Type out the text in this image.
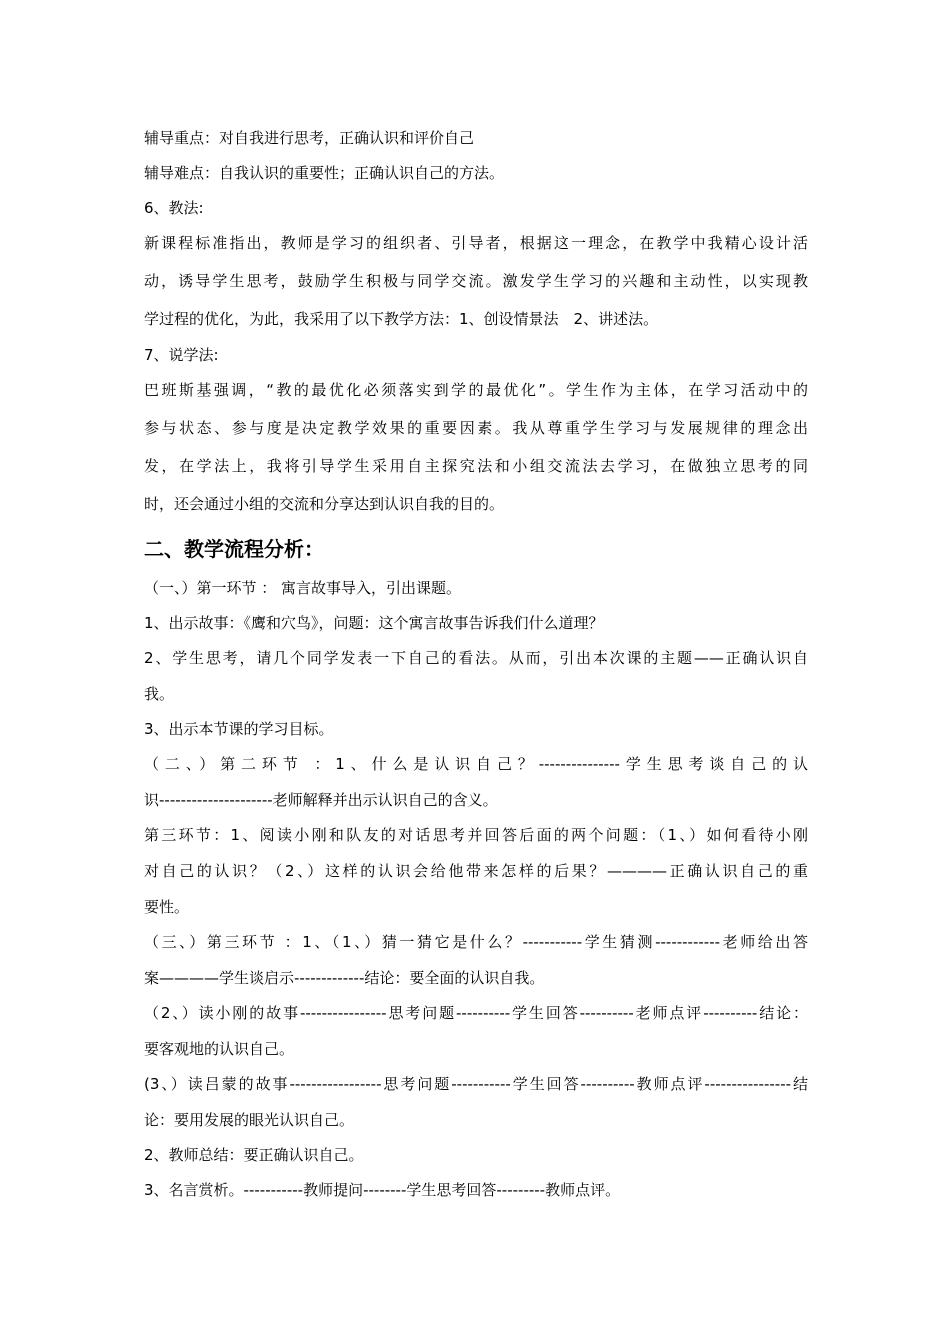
辅导重点：对自我进行思考，正确认识和评价自己
辅导难点：自我认识的重要性；正确认识自己的方法。
6、教法:
新课程标准指出，教师是学习的组织者、引导者，根据这一理念，在教学中我精心设计活
动，诱导学生思考，鼓励学生积极与同学交流。激发学生学习的兴趣和主动性，以实现教
学过程的优化，为此，我采用了以下教学方法：1、创设情景法　2、讲述法。
7、说学法:
巴班斯基强调，“教的最优化必须落实到学的最优化”。学生作为主体，在学习活动中的
参与状态、参与度是决定教学效果的重要因素。我从尊重学生学习与发展规律的理念出
发，在学法上，我将引导学生采用自主探究法和小组交流法去学习，在做独立思考的同
时，还会通过小组的交流和分享达到认识自我的目的。
二、教学流程分析：
（一、）第一环节 ： 寓言故事导入，引出课题。
1、出示故事：《鹰和穴鸟》，问题：这个寓言故事告诉我们什么道理？
2、学生思考，请几个同学发表一下自己的看法。从而，引出本次课的主题——正确认识自
我。
3、出示本节课的学习目标。
（二、）第二环节 ：1、什么是认识自己？---------------学生思考谈自己的认
识---------------------老师解释并出示认识自己的含义。
第三环节：1、阅读小刚和队友的对话思考并回答后面的两个问题：（1、）如何看待小刚
对自己的认识？（2、）这样的认识会给他带来怎样的后果？————正确认识自己的重
要性。
（三、）第三环节 ：1、（1、）猜一猜它是什么？-----------学生猜测------------老师给出答
案————学生谈启示-------------结论：要全面的认识自我。
（2、）读小刚的故事----------------思考问题----------学生回答----------老师点评----------结论：
要客观地的认识自己。
(3、）读吕蒙的故事-----------------思考问题-----------学生回答----------教师点评----------------结
论：要用发展的眼光认识自己。
2、教师总结：要正确认识自己。
3、名言赏析。-----------教师提问--------学生思考回答---------教师点评。
